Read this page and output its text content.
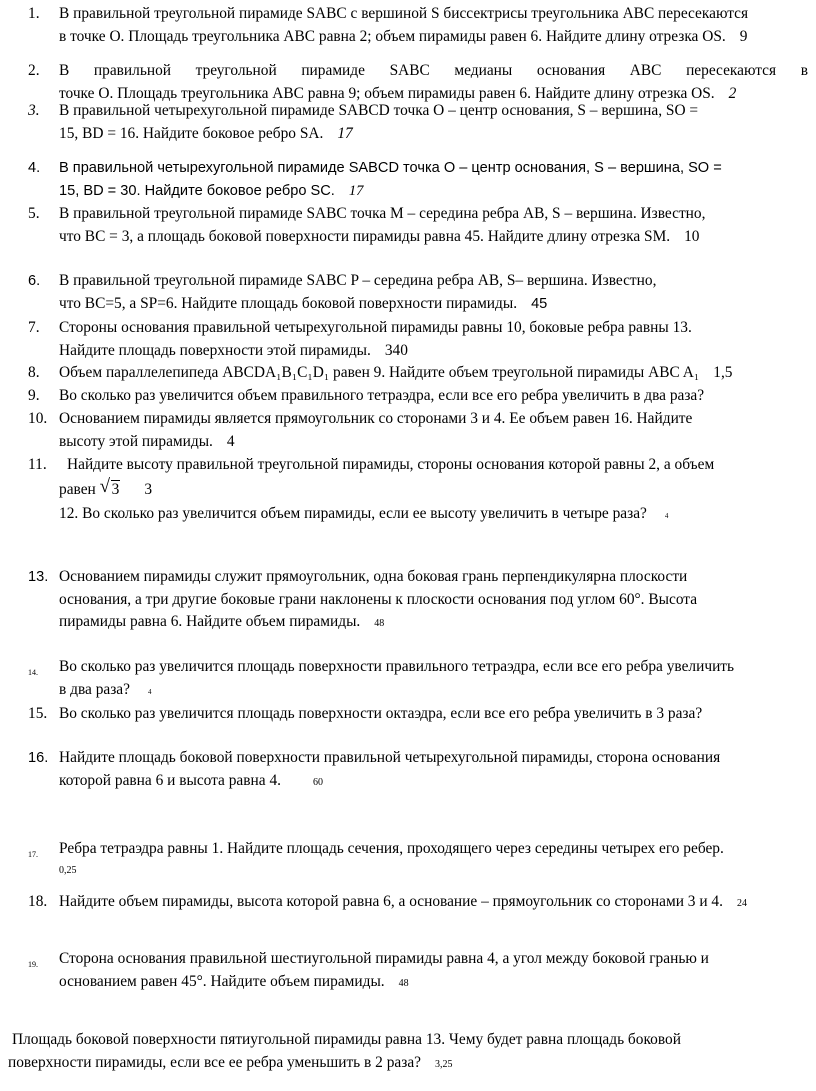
1. В правильной треугольной пирамиде SABC с вершиной S биссектрисы треугольника ABC пересекаются
в точке O. Площадь треугольника ABC равна 2; объем пирамиды равен 6. Найдите длину отрезка OS. 9
2. В правильной треугольной пирамиде SABC медианы основания ABC пересекаются в
точке O. Площадь треугольника ABC равна 9; объем пирамиды равен 6. Найдите длину отрезка OS. 2
3. В правильной четырехугольной пирамиде SABCD точка O – центр основания, S – вершина, SO =
15, BD = 16. Найдите боковое ребро SA. 17
4. В правильной четырехугольной пирамиде SABCD точка O – центр основания, S – вершина, SO =
15, BD = 30. Найдите боковое ребро SC. 17
5. В правильной треугольной пирамиде SABC точка M – середина ребра AB, S – вершина. Известно,
что BC = 3, а площадь боковой поверхности пирамиды равна 45. Найдите длину отрезка SM. 10
6. В правильной треугольной пирамиде SABC P – середина ребра AB, S– вершина. Известно,
что BC=5, а SP=6. Найдите площадь боковой поверхности пирамиды. 45
7. Стороны основания правильной четырехугольной пирамиды равны 10, боковые ребра равны 13.
Найдите площадь поверхности этой пирамиды. 340
8. Объем параллелепипеда ABCDA₁B₁C₁D₁ равен 9. Найдите объем треугольной пирамиды ABC A₁ 1,5
9. Во сколько раз увеличится объем правильного тетраэдра, если все его ребра увеличить в два раза?
10. Основанием пирамиды является прямоугольник со сторонами 3 и 4. Ее объем равен 16. Найдите
высоту этой пирамиды. 4
11. Найдите высоту правильной треугольной пирамиды, стороны основания которой равны 2, а объем
равен √ 3 3
12. Во сколько раз увеличится объем пирамиды, если ее высоту увеличить в четыре раза?	4
13. Основанием пирамиды служит прямоугольник, одна боковая грань перпендикулярна плоскости
основания, а три другие боковые грани наклонены к плоскости основания под углом 60°. Высота
пирамиды равна 6. Найдите объем пирамиды. 48
14. Во сколько раз увеличится площадь поверхности правильного тетраэдра, если все его ребра увеличить
в два раза?	4
15. Во сколько раз увеличится площадь поверхности октаэдра, если все его ребра увеличить в 3 раза?
16. Найдите площадь боковой поверхности правильной четырехугольной пирамиды, сторона основания
которой равна 6 и высота равна 4.	60
17. Ребра тетраэдра равны 1. Найдите площадь сечения, проходящего через середины четырех его ребер.
0,25
18. Найдите объем пирамиды, высота которой равна 6, а основание – прямоугольник со сторонами 3 и 4. 24
19. Сторона основания правильной шестиугольной пирамиды равна 4, а угол между боковой гранью и
основанием равен 45°. Найдите объем пирамиды. 48
Площадь боковой поверхности пятиугольной пирамиды равна 13. Чему будет равна площадь боковой
поверхности пирамиды, если все ее ребра уменьшить в 2 раза? 3,25
